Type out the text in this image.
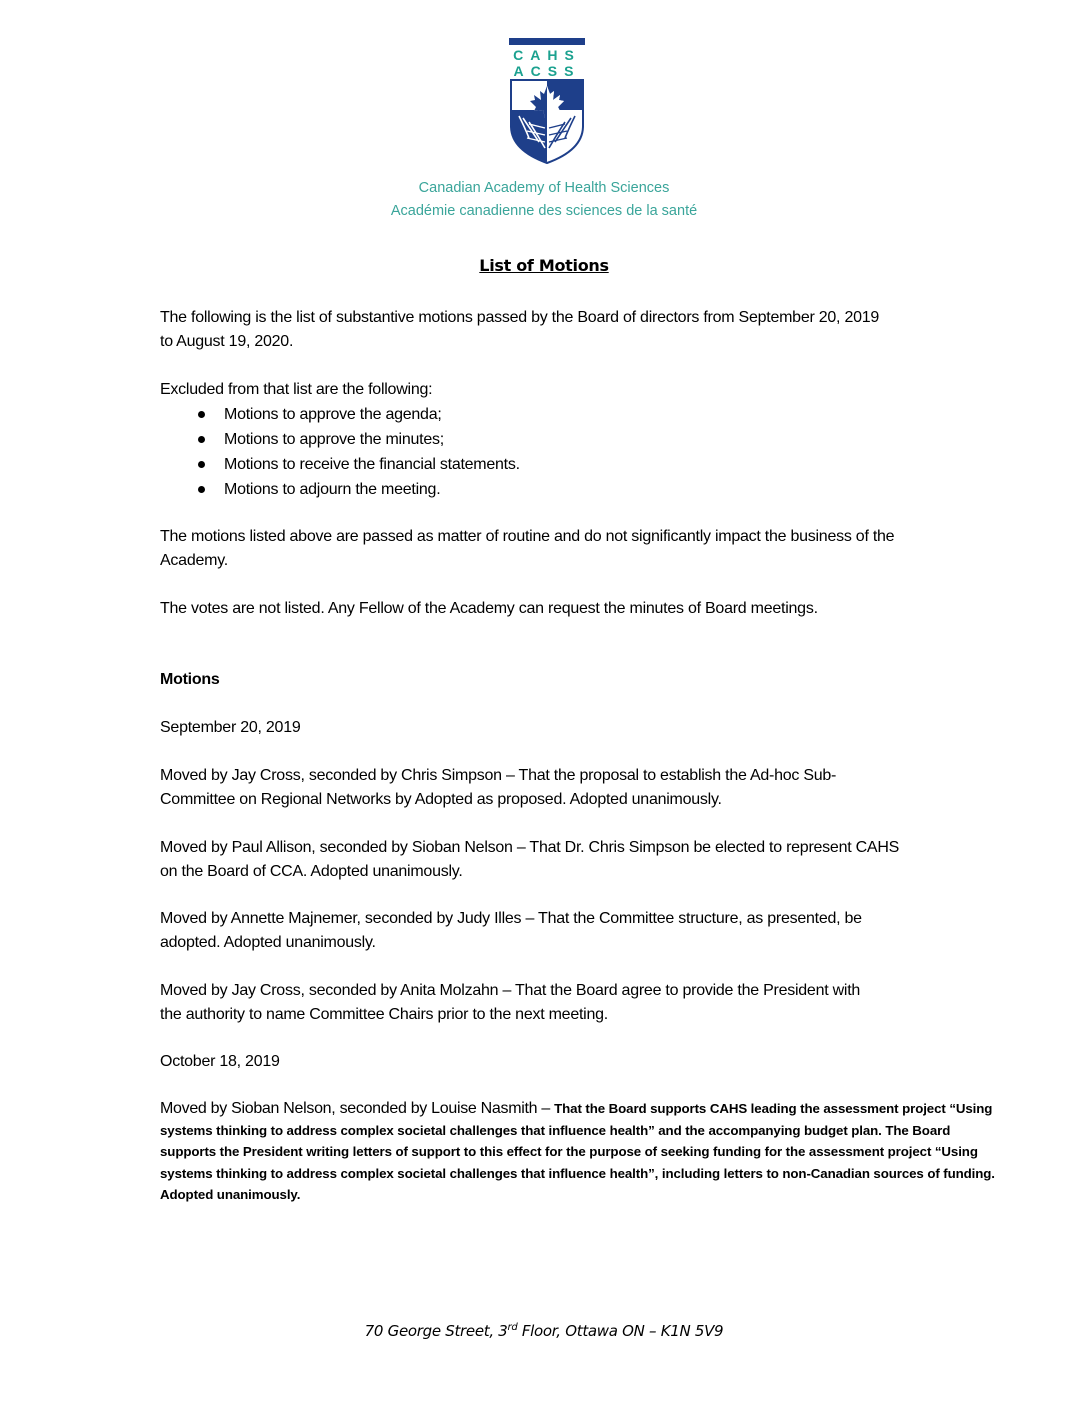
CAHS
ACSS
Canadian Academy of Health Sciences
Académie canadienne des sciences de la santé
List of Motions
The following is the list of substantive motions passed by the Board of directors from September 20, 2019 to August 19, 2020.
Excluded from that list are the following:
Motions to approve the agenda;
Motions to approve the minutes;
Motions to receive the financial statements.
Motions to adjourn the meeting.
The motions listed above are passed as matter of routine and do not significantly impact the business of the Academy.
The votes are not listed. Any Fellow of the Academy can request the minutes of Board meetings.
Motions
September 20, 2019
Moved by Jay Cross, seconded by Chris Simpson – That the proposal to establish the Ad-hoc Sub-Committee on Regional Networks by Adopted as proposed. Adopted unanimously.
Moved by Paul Allison, seconded by Sioban Nelson – That Dr. Chris Simpson be elected to represent CAHS on the Board of CCA. Adopted unanimously.
Moved by Annette Majnemer, seconded by Judy Illes – That the Committee structure, as presented, be adopted. Adopted unanimously.
Moved by Jay Cross, seconded by Anita Molzahn – That the Board agree to provide the President with the authority to name Committee Chairs prior to the next meeting.
October 18, 2019
Moved by Sioban Nelson, seconded by Louise Nasmith – That the Board supports CAHS leading the assessment project “Using systems thinking to address complex societal challenges that influence health” and the accompanying budget plan. The Board supports the President writing letters of support to this effect for the purpose of seeking funding for the assessment project “Using systems thinking to address complex societal challenges that influence health”, including letters to non-Canadian sources of funding. Adopted unanimously.
70 George Street, 3rd Floor, Ottawa ON – K1N 5V9
